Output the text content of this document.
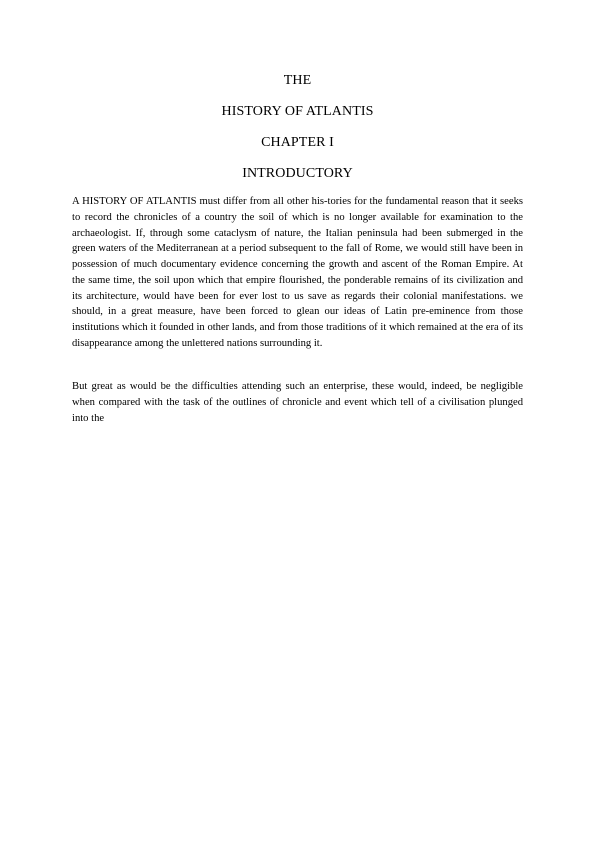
THE
HISTORY OF ATLANTIS
CHAPTER I
INTRODUCTORY

A HISTORY OF ATLANTIS must differ from all other his-tories for the fundamental reason that it seeks to record the chronicles of a country the soil of which is no longer available for examination to the archaeologist. If, through some cataclysm of nature, the Italian peninsula had been submerged in the green waters of the Mediterranean at a period subsequent to the fall of Rome, we would still have been in possession of much documentary evidence concerning the growth and ascent of the Roman Empire. At the same time, the soil upon which that empire flourished, the ponderable remains of its civilization and its architecture, would have been for ever lost to us save as regards their colonial manifestations. we should, in a great measure, have been forced to glean our ideas of Latin pre-eminence from those institutions which it founded in other lands, and from those traditions of it which remained at the era of its disappearance among the unlettered nations surrounding it.

But great as would be the difficulties attending such an enterprise, these would, indeed, be negligible when compared with the task of the outlines of chronicle and event which tell of a civilisation plunged into the
